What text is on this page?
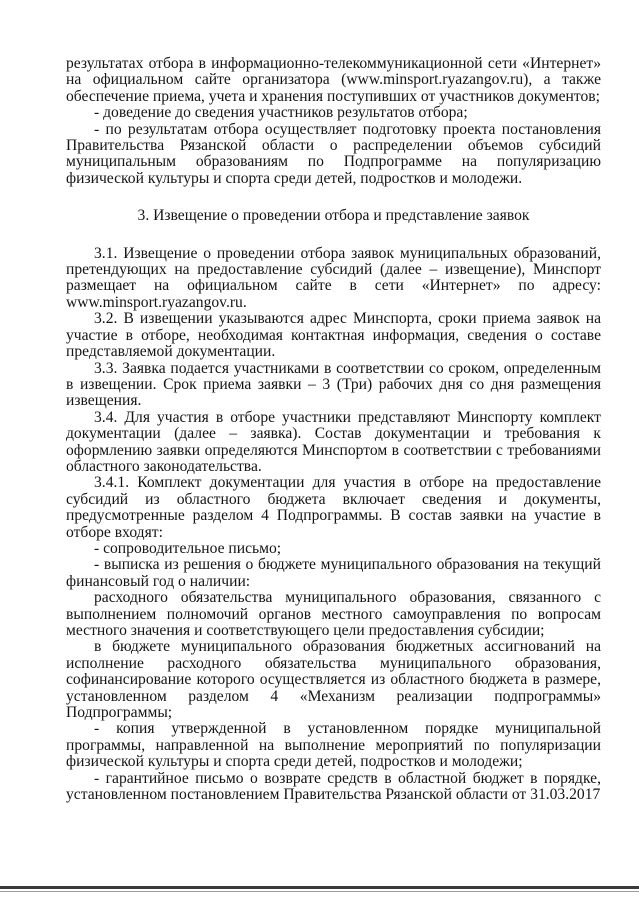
результатах отбора в информационно-телекоммуникационной сети «Интернет» на официальном сайте организатора (www.minsport.ryazangov.ru), а также обеспечение приема, учета и хранения поступивших от участников документов;

- доведение до сведения участников результатов отбора;

- по результатам отбора осуществляет подготовку проекта постановления Правительства Рязанской области о распределении объемов субсидий муниципальным образованиям по Подпрограмме на популяризацию физической культуры и спорта среди детей, подростков и молодежи.

3. Извещение о проведении отбора и представление заявок

3.1. Извещение о проведении отбора заявок муниципальных образований, претендующих на предоставление субсидий (далее – извещение), Минспорт размещает на официальном сайте в сети «Интернет» по адресу: www.minsport.ryazangov.ru.

3.2. В извещении указываются адрес Минспорта, сроки приема заявок на участие в отборе, необходимая контактная информация, сведения о составе представляемой документации.

3.3. Заявка подается участниками в соответствии со сроком, определенным в извещении. Срок приема заявки – 3 (Три) рабочих дня со дня размещения извещения.

3.4. Для участия в отборе участники представляют Минспорту комплект документации (далее – заявка). Состав документации и требования к оформлению заявки определяются Минспортом в соответствии с требованиями областного законодательства.

3.4.1. Комплект документации для участия в отборе на предоставление субсидий из областного бюджета включает сведения и документы, предусмотренные разделом 4 Подпрограммы. В состав заявки на участие в отборе входят:

- сопроводительное письмо;

- выписка из решения о бюджете муниципального образования на текущий финансовый год о наличии:

расходного обязательства муниципального образования, связанного с выполнением полномочий органов местного самоуправления по вопросам местного значения и соответствующего цели предоставления субсидии;

в бюджете муниципального образования бюджетных ассигнований на исполнение расходного обязательства муниципального образования, софинансирование которого осуществляется из областного бюджета в размере, установленном разделом 4 «Механизм реализации подпрограммы» Подпрограммы;

- копия утвержденной в установленном порядке муниципальной программы, направленной на выполнение мероприятий по популяризации физической культуры и спорта среди детей, подростков и молодежи;

- гарантийное письмо о возврате средств в областной бюджет в порядке, установленном постановлением Правительства Рязанской области от 31.03.2017
